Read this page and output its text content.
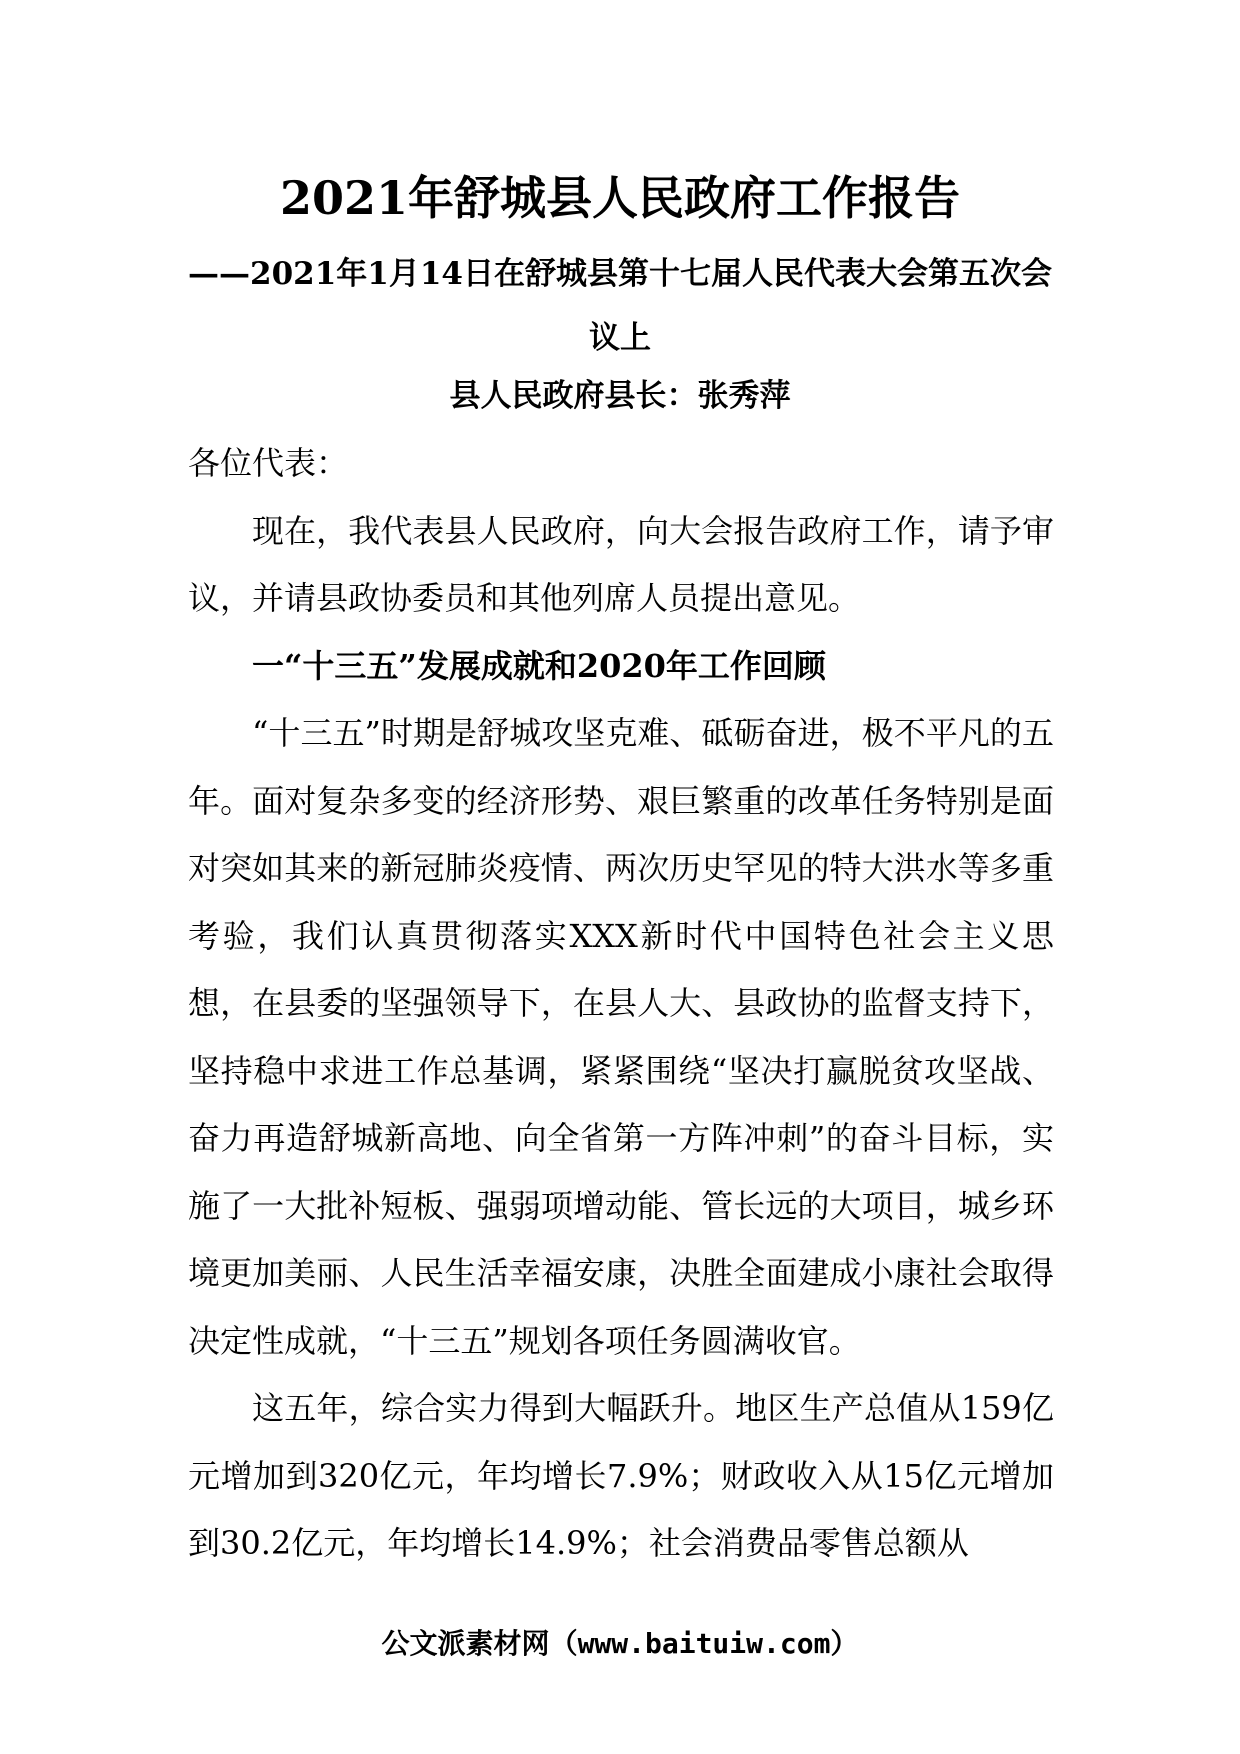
2021年舒城县人民政府工作报告
——2021年1月14日在舒城县第十七届人民代表大会第五次会议上
县人民政府县长：张秀萍

各位代表：

现在，我代表县人民政府，向大会报告政府工作，请予审议，并请县政协委员和其他列席人员提出意见。

一“十三五”发展成就和2020年工作回顾

“十三五”时期是舒城攻坚克难、砥砺奋进，极不平凡的五年。面对复杂多变的经济形势、艰巨繁重的改革任务特别是面对突如其来的新冠肺炎疫情、两次历史罕见的特大洪水等多重考验，我们认真贯彻落实XXX新时代中国特色社会主义思想，在县委的坚强领导下，在县人大、县政协的监督支持下，坚持稳中求进工作总基调，紧紧围绕“坚决打赢脱贫攻坚战、奋力再造舒城新高地、向全省第一方阵冲刺”的奋斗目标，实施了一大批补短板、强弱项增动能、管长远的大项目，城乡环境更加美丽、人民生活幸福安康，决胜全面建成小康社会取得决定性成就，“十三五”规划各项任务圆满收官。

这五年，综合实力得到大幅跃升。地区生产总值从159亿元增加到320亿元，年均增长7.9%；财政收入从15亿元增加到30.2亿元，年均增长14.9%；社会消费品零售总额从

公文派素材网（www.baituiw.com）
